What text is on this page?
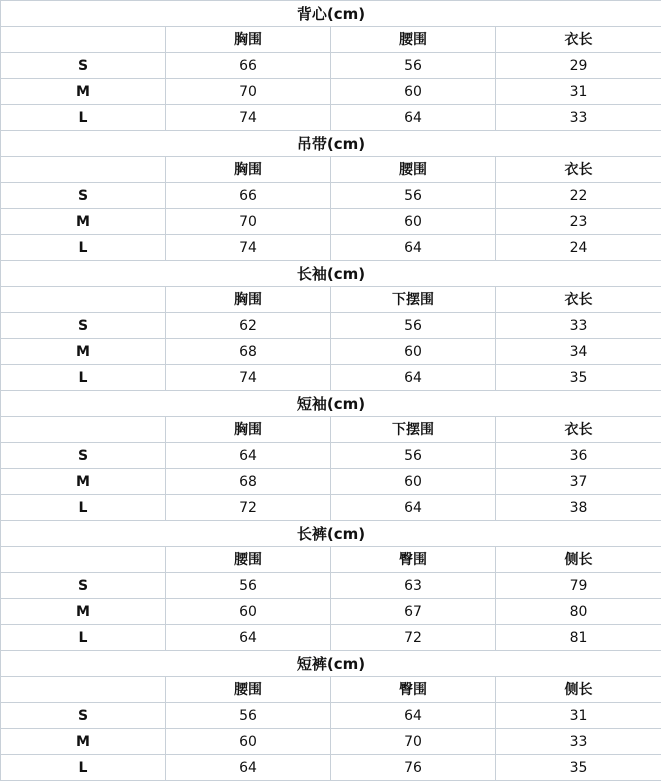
背心(cm)			
	胸围	腰围	衣长
S	66	56	29
M	70	60	31
L	74	64	33
吊带(cm)			
	胸围	腰围	衣长
S	66	56	22
M	70	60	23
L	74	64	24
长袖(cm)			
	胸围	下摆围	衣长
S	62	56	33
M	68	60	34
L	74	64	35
短袖(cm)			
	胸围	下摆围	衣长
S	64	56	36
M	68	60	37
L	72	64	38
长裤(cm)			
	腰围	臀围	侧长
S	56	63	79
M	60	67	80
L	64	72	81
短裤(cm)			
	腰围	臀围	侧长
S	56	64	31
M	60	70	33
L	64	76	35
